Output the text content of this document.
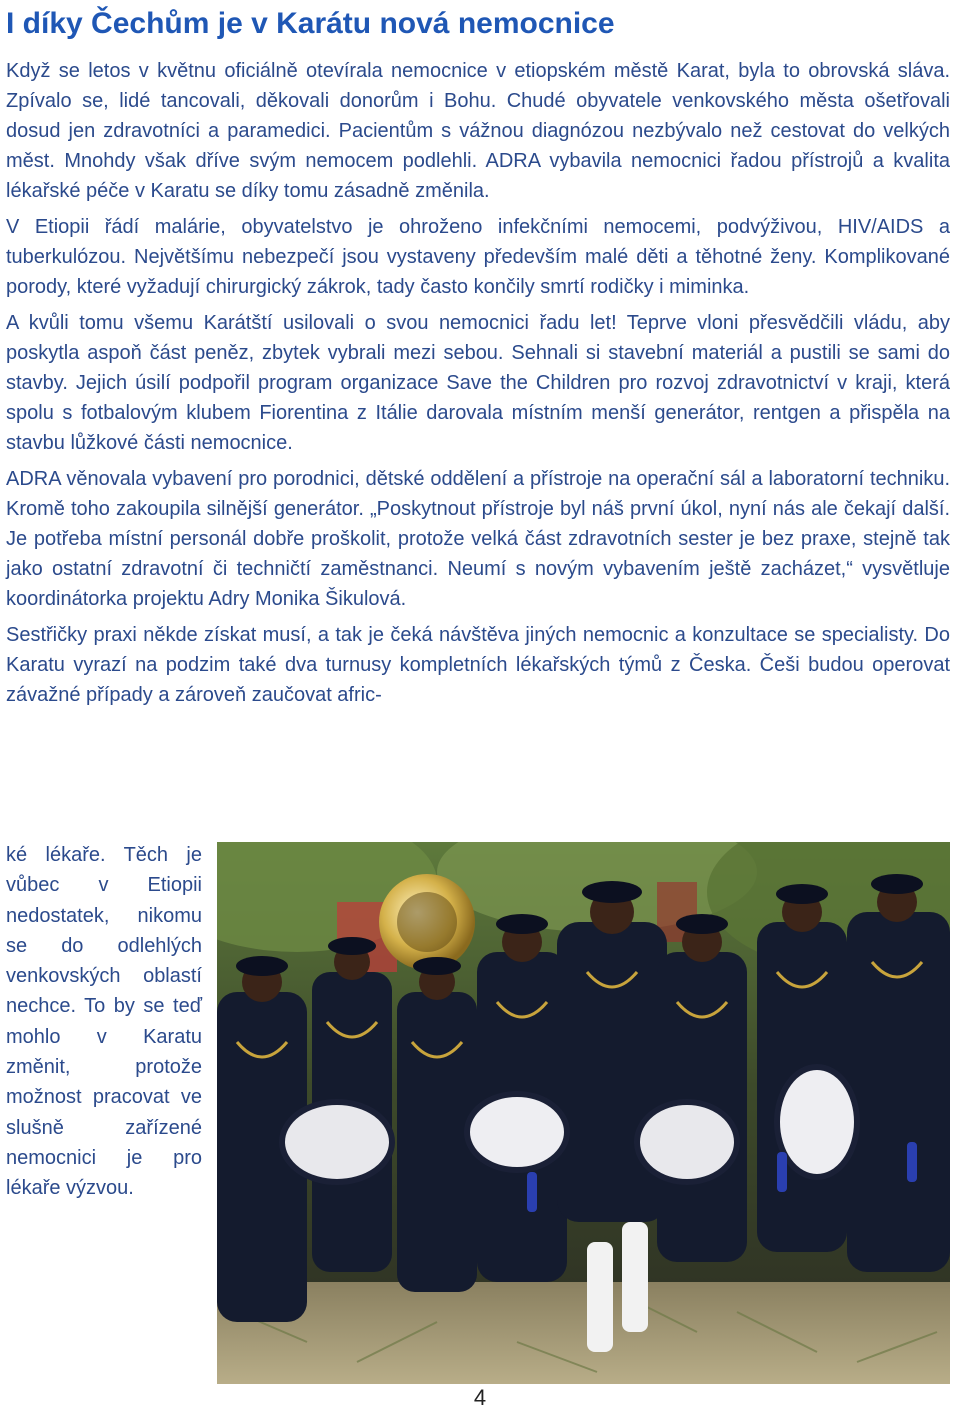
I díky Čechům je v Karátu nová nemocnice

Když se letos v květnu oficiálně otevírala nemocnice v etiopském městě Karat, byla to obrovská sláva. Zpívalo se, lidé tancovali, děkovali donorům i Bohu. Chudé obyvatele venkovského města ošetřovali dosud jen zdravotníci a paramedici. Pacientům s vážnou diagnózou nezbývalo než cestovat do velkých měst. Mnohdy však dříve svým nemocem podlehli. ADRA vybavila nemocnici řadou přístrojů a kvalita lékařské péče v Karatu se díky tomu zásadně změnila.

V Etiopii řádí malárie, obyvatelstvo je ohroženo infekčními nemocemi, podvýživou, HIV/AIDS a tuberkulózou. Největšímu nebezpečí jsou vystaveny především malé děti a těhotné ženy. Komplikované porody, které vyžadují chirurgický zákrok, tady často končily smrtí rodičky i miminka.

A kvůli tomu všemu Karátští usilovali o svou nemocnici řadu let! Teprve vloni přesvědčili vládu, aby poskytla aspoň část peněz, zbytek vybrali mezi sebou. Sehnali si stavební materiál a pustili se sami do stavby. Jejich úsilí podpořil program organizace Save the Children pro rozvoj zdravotnictví v kraji, která spolu s fotbalovým klubem Fiorentina z Itálie darovala místním menší generátor, rentgen a přispěla na stavbu lůžkové části nemocnice.

ADRA věnovala vybavení pro porodnici, dětské oddělení a přístroje na operační sál a laboratorní techniku. Kromě toho zakoupila silnější generátor. „Poskytnout přístroje byl náš první úkol, nyní nás ale čekají další. Je potřeba místní personál dobře proškolit, protože velká část zdravotních sester je bez praxe, stejně tak jako ostatní zdravotní či techničtí zaměstnanci. Neumí s novým vybavením ještě zacházet,“ vysvětluje koordinátorka projektu Adry Monika Šikulová.

Sestřičky praxi někde získat musí, a tak je čeká návštěva jiných nemocnic a konzultace se specialisty. Do Karatu vyrazí na podzim také dva turnusy kompletních lékařských týmů z Česka. Češi budou operovat závažné případy a zároveň zaučovat afric-

ké lékaře. Těch je vůbec v Etiopii nedostatek, nikomu se do odlehlých venkovských oblastí nechce. To by se teď mohlo v Karatu změnit, protože možnost pracovat ve slušně zařízené nemocnici je pro lékaře výzvou.

4
